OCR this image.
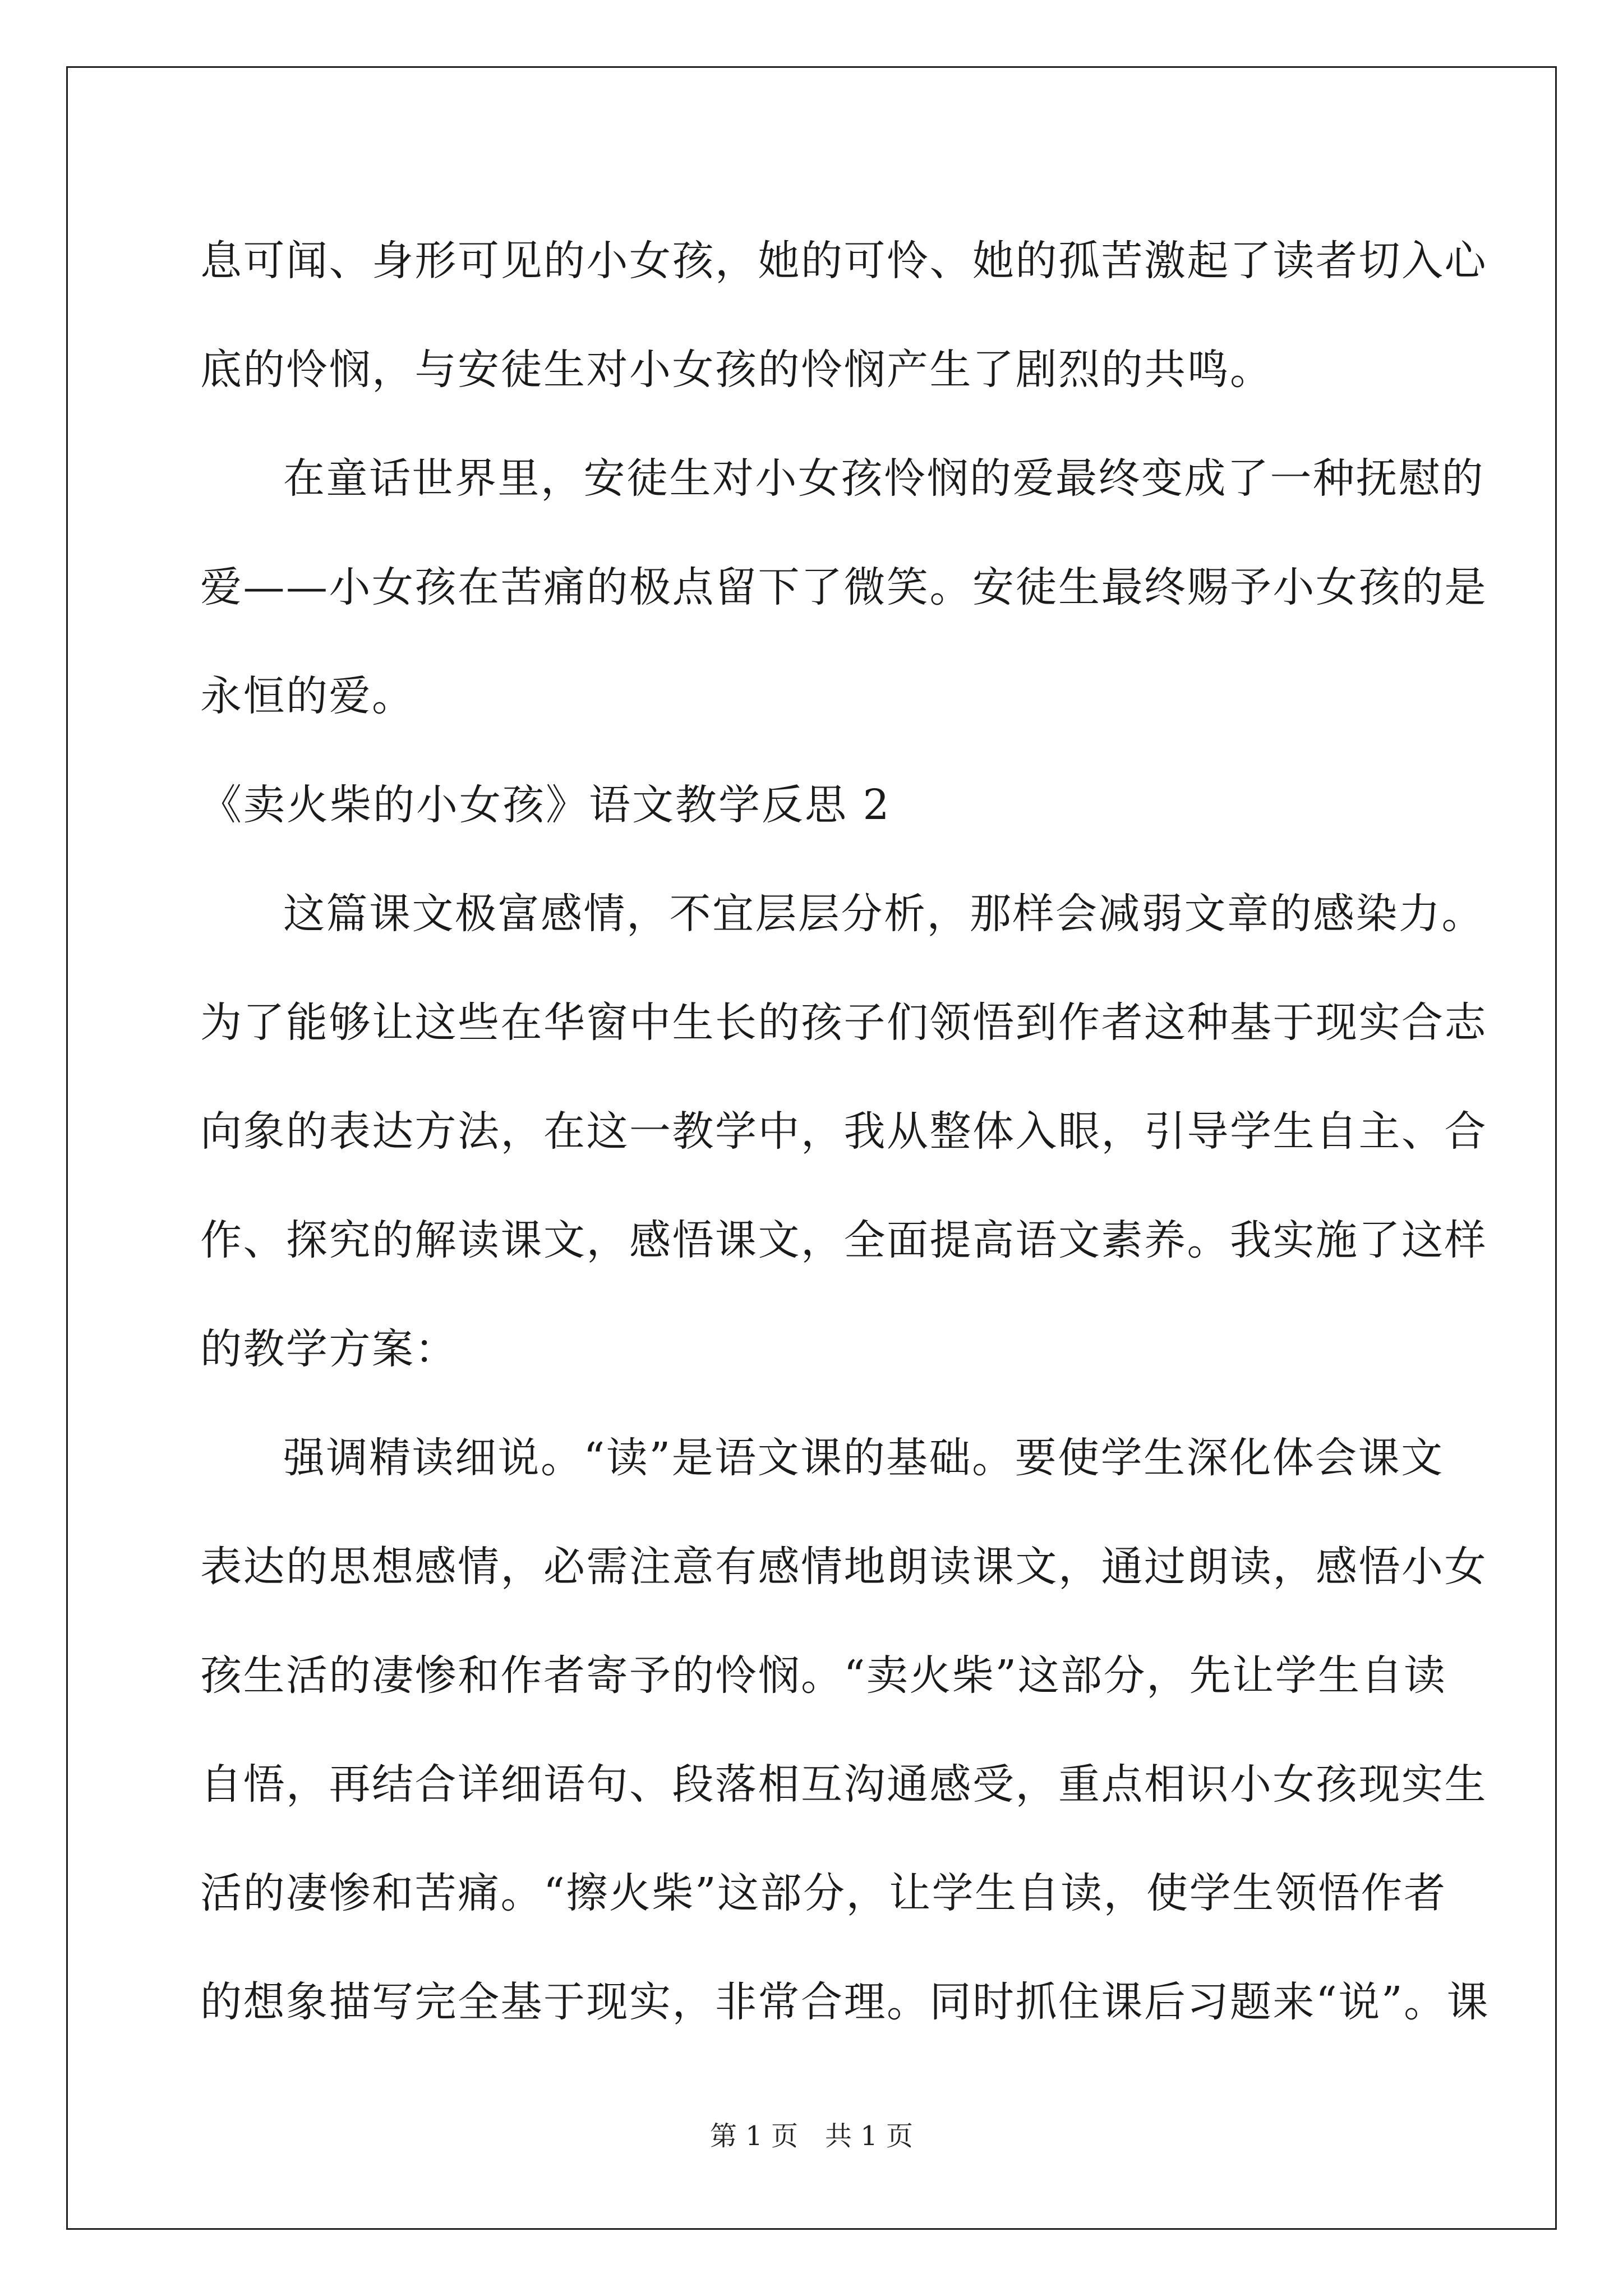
息可闻、身形可见的小女孩，她的可怜、她的孤苦激起了读者切入心
底的怜悯，与安徒生对小女孩的怜悯产生了剧烈的共鸣。
在童话世界里，安徒生对小女孩怜悯的爱最终变成了一种抚慰的
爱——小女孩在苦痛的极点留下了微笑。安徒生最终赐予小女孩的是
永恒的爱。
《卖火柴的小女孩》语文教学反思 2
这篇课文极富感情，不宜层层分析，那样会减弱文章的感染力。
为了能够让这些在华窗中生长的孩子们领悟到作者这种基于现实合志
向象的表达方法，在这一教学中，我从整体入眼，引导学生自主、合
作、探究的解读课文，感悟课文，全面提高语文素养。我实施了这样
的教学方案：
强调精读细说。“读”是语文课的基础。要使学生深化体会课文
表达的思想感情，必需注意有感情地朗读课文，通过朗读，感悟小女
孩生活的凄惨和作者寄予的怜悯。“卖火柴”这部分，先让学生自读
自悟，再结合详细语句、段落相互沟通感受，重点相识小女孩现实生
活的凄惨和苦痛。“擦火柴”这部分，让学生自读，使学生领悟作者
的想象描写完全基于现实，非常合理。同时抓住课后习题来“说”。课
第 1 页　共 1 页
